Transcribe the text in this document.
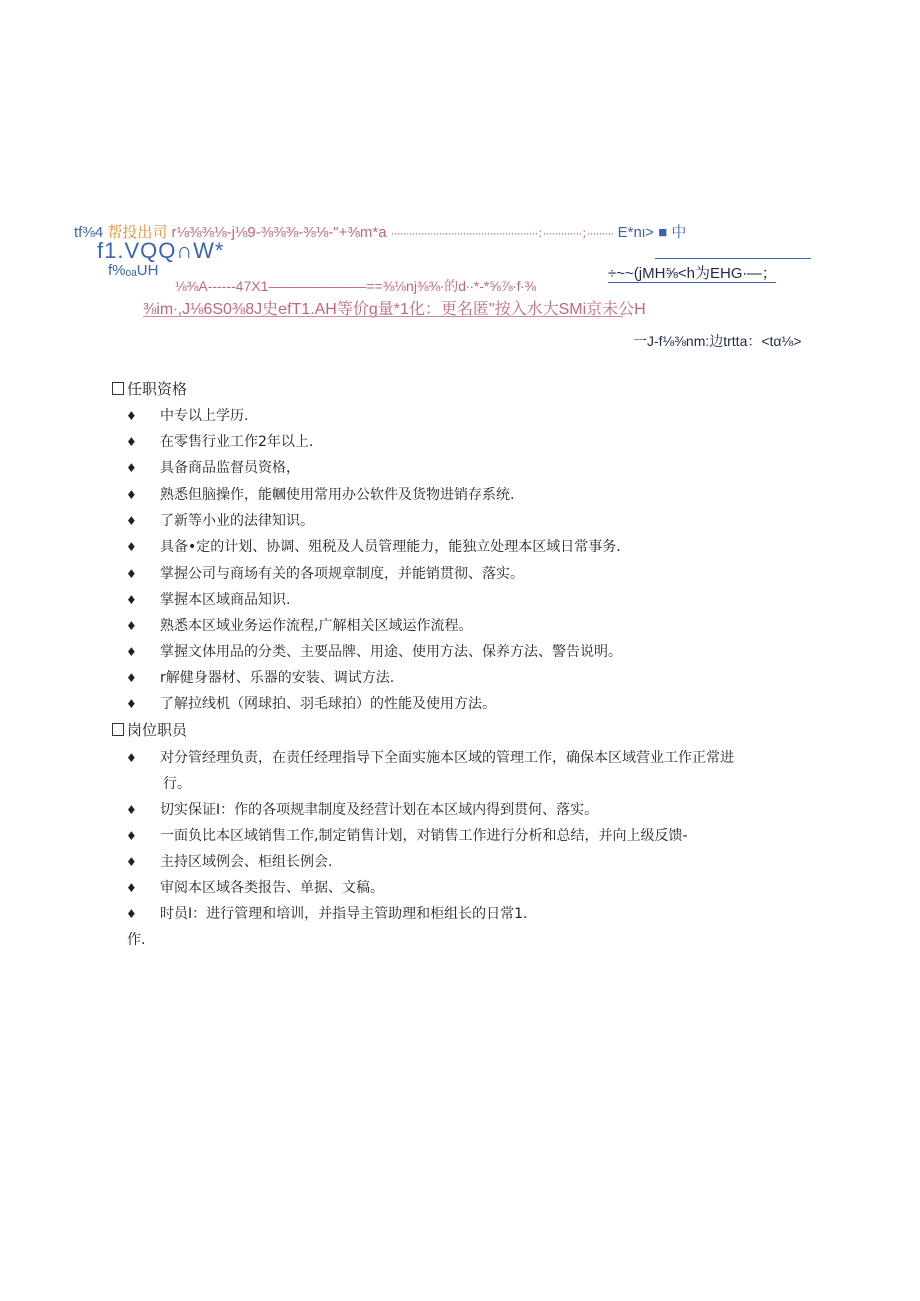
tf⅜4 帮投出司 r⅛⅜⅜⅛-j⅛9-⅜⅜⅜-⅜⅛-"+⅜m*a ·················································：·············；········· E*nι> ■ 中
f1.VQQ∩W*
f%ₒₐUH	÷~~(jMH⅝<h为EHG∙—；
⅛⅜A------47X1———————==⅜⅛nj⅜⅜∙的d∙∙*-*⅝⅞∙f∙⅜
⅜im∙,J⅛6S0⅜8J史efT1.AH等价g量*1化：更名匿"按入水大SMi京未公H
一J-f⅛⅜nm:边trtta：<tα⅛>
任职资格
♦ 中专以上学历.
♦ 在零售行业工作2年以上.
♦ 具备商品监督员资格，
♦ 熟悉但脑操作，能幗使用常用办公软件及货物进销存系统.
♦ 了新等小业的法律知识。
♦ 具备•定的计划、协调、殂税及人员管理能力，能独立处理本区域日常事务.
♦ 掌握公司与商场有关的各项规章制度，并能销贯彻、落实。
♦ 掌握本区域商品知识.
♦ 熟悉本区域业务运作流程,广解相关区域运作流程。
♦ 掌握文体用品的分类、主要品牌、用途、使用方法、保养方法、警告说明。
♦ r解健身器材、乐器的安装、调试方法.
♦ 了解拉线机（网球拍、羽毛球拍）的性能及使用方法。
岗位职员
♦ 对分管经理负责，在责任经理指导下全面实施本区域的管理工作，确保本区域营业工作正常进
行。
♦ 切实保证I：作的各项规聿制度及经营计划在本区域内得到贯何、落实。
♦ 一面负比本区域销售工作,制定销售计划，对销售工作进行分析和总结，并向上级反馈-
♦ 主持区域例会、柜组长例会.
♦ 审阅本区域各类报告、单据、文稿。
♦ 时员I：进行管理和培训，并指导主管助理和柜组长的日常1.
作.
